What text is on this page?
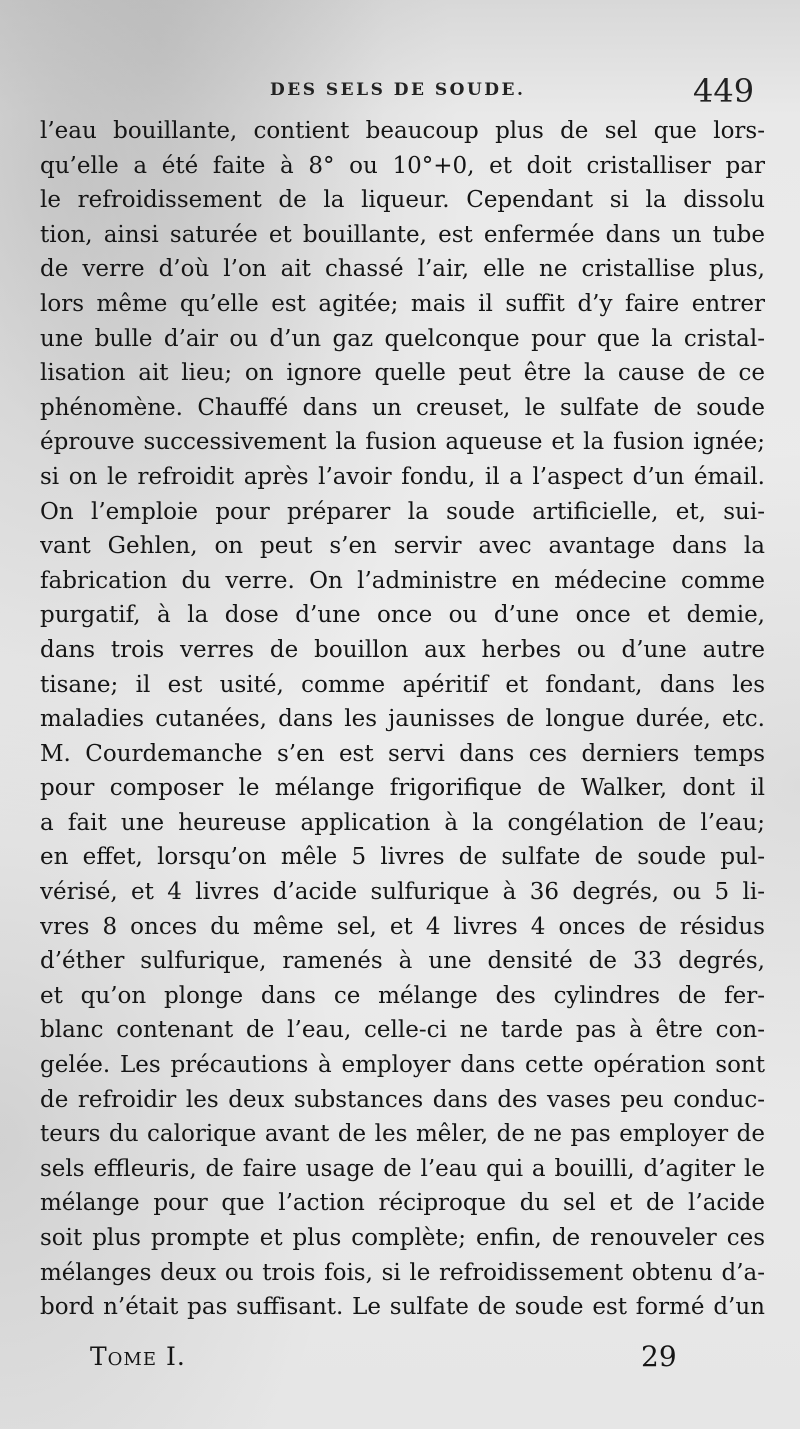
DES SELS DE SOUDE.	449
l’eau bouillante, contient beaucoup plus de sel que lors-
qu’elle a été faite à 8° ou 10°+0, et doit cristalliser par
le refroidissement de la liqueur. Cependant si la dissolu
tion, ainsi saturée et bouillante, est enfermée dans un tube
de verre d’où l’on ait chassé l’air, elle ne cristallise plus,
lors même qu’elle est agitée; mais il suffit d’y faire entrer
une bulle d’air ou d’un gaz quelconque pour que la cristal-
lisation ait lieu; on ignore quelle peut être la cause de ce
phénomène. Chauffé dans un creuset, le sulfate de soude
éprouve successivement la fusion aqueuse et la fusion ignée;
si on le refroidit après l’avoir fondu, il a l’aspect d’un émail.
On l’emploie pour préparer la soude artificielle, et, sui-
vant Gehlen, on peut s’en servir avec avantage dans la
fabrication du verre. On l’administre en médecine comme
purgatif, à la dose d’une once ou d’une once et demie,
dans trois verres de bouillon aux herbes ou d’une autre
tisane; il est usité, comme apéritif et fondant, dans les
maladies cutanées, dans les jaunisses de longue durée, etc.
M. Courdemanche s’en est servi dans ces derniers temps
pour composer le mélange frigorifique de Walker, dont il
a fait une heureuse application à la congélation de l’eau;
en effet, lorsqu’on mêle 5 livres de sulfate de soude pul-
vérisé, et 4 livres d’acide sulfurique à 36 degrés, ou 5 li-
vres 8 onces du même sel, et 4 livres 4 onces de résidus
d’éther sulfurique, ramenés à une densité de 33 degrés,
et qu’on plonge dans ce mélange des cylindres de fer-
blanc contenant de l’eau, celle-ci ne tarde pas à être con-
gelée. Les précautions à employer dans cette opération sont
de refroidir les deux substances dans des vases peu conduc-
teurs du calorique avant de les mêler, de ne pas employer de
sels effleuris, de faire usage de l’eau qui a bouilli, d’agiter le
mélange pour que l’action réciproque du sel et de l’acide
soit plus prompte et plus complète; enfin, de renouveler ces
mélanges deux ou trois fois, si le refroidissement obtenu d’a-
bord n’était pas suffisant. Le sulfate de soude est formé d’un
Tome I.	29
